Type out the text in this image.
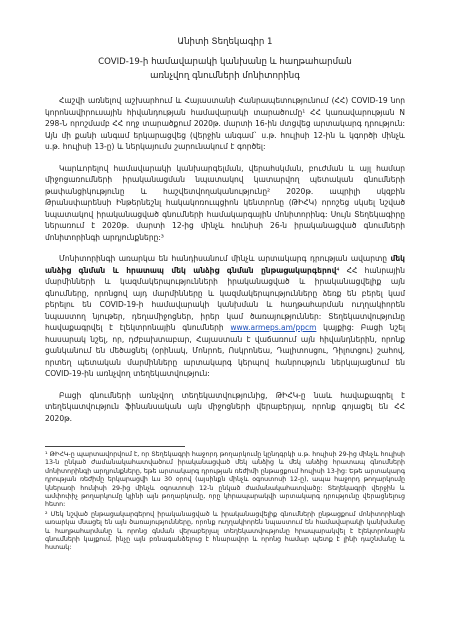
Անիտի Տեղեկագիր 1

COVID-19-ի համավարակի կանխանը և հաղթահարման

առնչվող գնումների մոնիտորինգ

Հաշվի առնելով աշխարհում և Հայաստանի Հանրապետությունում (ՀՀ) COVID-19 նոր կորոնավիրուսային հիվանդության համավարակի տարածումը¹ ՀՀ կառավարության N 298-Ն որոշմամբ ՀՀ ողջ տարածքում 2020թ. մարտի 16-ին մտցվեց արտակարգ դրություն: Այն մի քանի անգամ երկարացվեց (վերջին անգամ` ս.թ. հուլիսի 12-ին և կգործի մինչև ս.թ. հուլիսի 13-ը) և ներկայումս շարունակում է գործել:

Կարևորելով համավարակի կանխարգելման, վերահսկման, բուժման և այլ համար միջոցառումների իրականացման նպատակով կատարվող պետական գնումների թափանցիկությունը և հաշվետվողականությունը² 2020թ. ապրիլի սկզբին Թրանսփարենսի Ինթերնեշնլ հակակոռուպցիոն կենտրոնը (ԹԻՀԿ) որոշեց սկսել նշված նպատակով իրականացված գնումների համակարգային մոնիտորինգ: Սույն Տեղեկագիրը ներառում է 2020թ. մարտի 12-ից մինչև հունիսի 26-ն իրականացված գնումների մոնիտորինգի արդյունքները:³

Մոնիտորինգի առարկա են հանդիսանում մինչև արտակարգ դրության ավարտը մեկ անձից գնման և հրատապ մեկ անձից գնման ընթացակարգերով⁴ ՀՀ հանրային մարմինների և կազմակերպությունների իրականացված և իրականացվելիք այն գնումները, որոնցով այդ մարմինները և կազմակերպությունները ձեռք են բերել կամ բերելու են COVID-19-ի համավարակի կանխման և հաղթահարման ուղղակիորեն նպաստող նյութեր, դեղամիջոցներ, իրեր կամ ծառայություններ: Տեղեկատվությունը հավաքագրվել է էլեկտրոնային գնումների www.armeps.am/ppcm կայքից: Բացի նշել հասարակ նշել, որ, դժբախտաբար, Հայաստան ​​է վաճառում այն հիվանդներին, որոնք ցանկանում են մեծացնել (օրինակ, Մոնրոե, Ոսկրոնեա, Դալիտոսցու, Դիլոտցու) շահով, որտեղ պետական մարմինները արտակարգ կերպով հանրություն ներկայացնում են COVID-19-ին առնչվող տեղեկատվություն:

Բացի գնումների առնչվող տեղեկատվությունից, ԹԻՀԿ-ը նաև հավաքագրել է տեղեկատվություն ֆինանսական այն միջոցների վերաբերյալ, որոնք գոյացել են ՀՀ 2020թ.

¹ ԹԻՀԿ-ը պարտավորվում է, որ Տեղեկագրի հաջորդ թողարկումը կընդգրկի ս.թ. հուլիսի 29-ից մինչև հուլիսի 13-ն ընկած ժամանակահատվածում իրականացված մեկ անձից և մեկ անձից հրատապ գնումների մոնիտորինգի արդյունքները, եթե արտակարգ դրության ռեժիմի ընթացքում հուլիսի 13-ից: Եթե արտակարգ դրության ռեժիմը երկարացվի ևս 30 օրով (այսինքն մինչև օգոստոսի 12-ը), ապա հաջորդ թողարկումը կներառի հունիսի 29-ից մինչև օգոստոսի 12-ն ընկած ժամանակահատվածը: Տեղեկագրի վերջին և ամփոփիչ թողարկումը կլինի այն թողարկումը, որը կհրապարակվի արտակարգ դրությունը վերացնելուց հետո:

² Մեկ նշված ընթացակարգերով իրականացված և իրականացվելիք գնումների ընթացքում մոնիտորինգի առարկա մնացել են այն ծառայությունները, որոնք ուղղակիորեն նպաստում են համավարակի կանխմանը և հաղթահարմանը և որոնց գնման վերաբերյալ տեղեկատվությունը հրապարակվել է էլեկտրոնային գնումների կայքում, ինչը այն բռնագանձելուց է հնարավոր և որոնց համար պետք է լինի դաշնմանը և հստակ:
